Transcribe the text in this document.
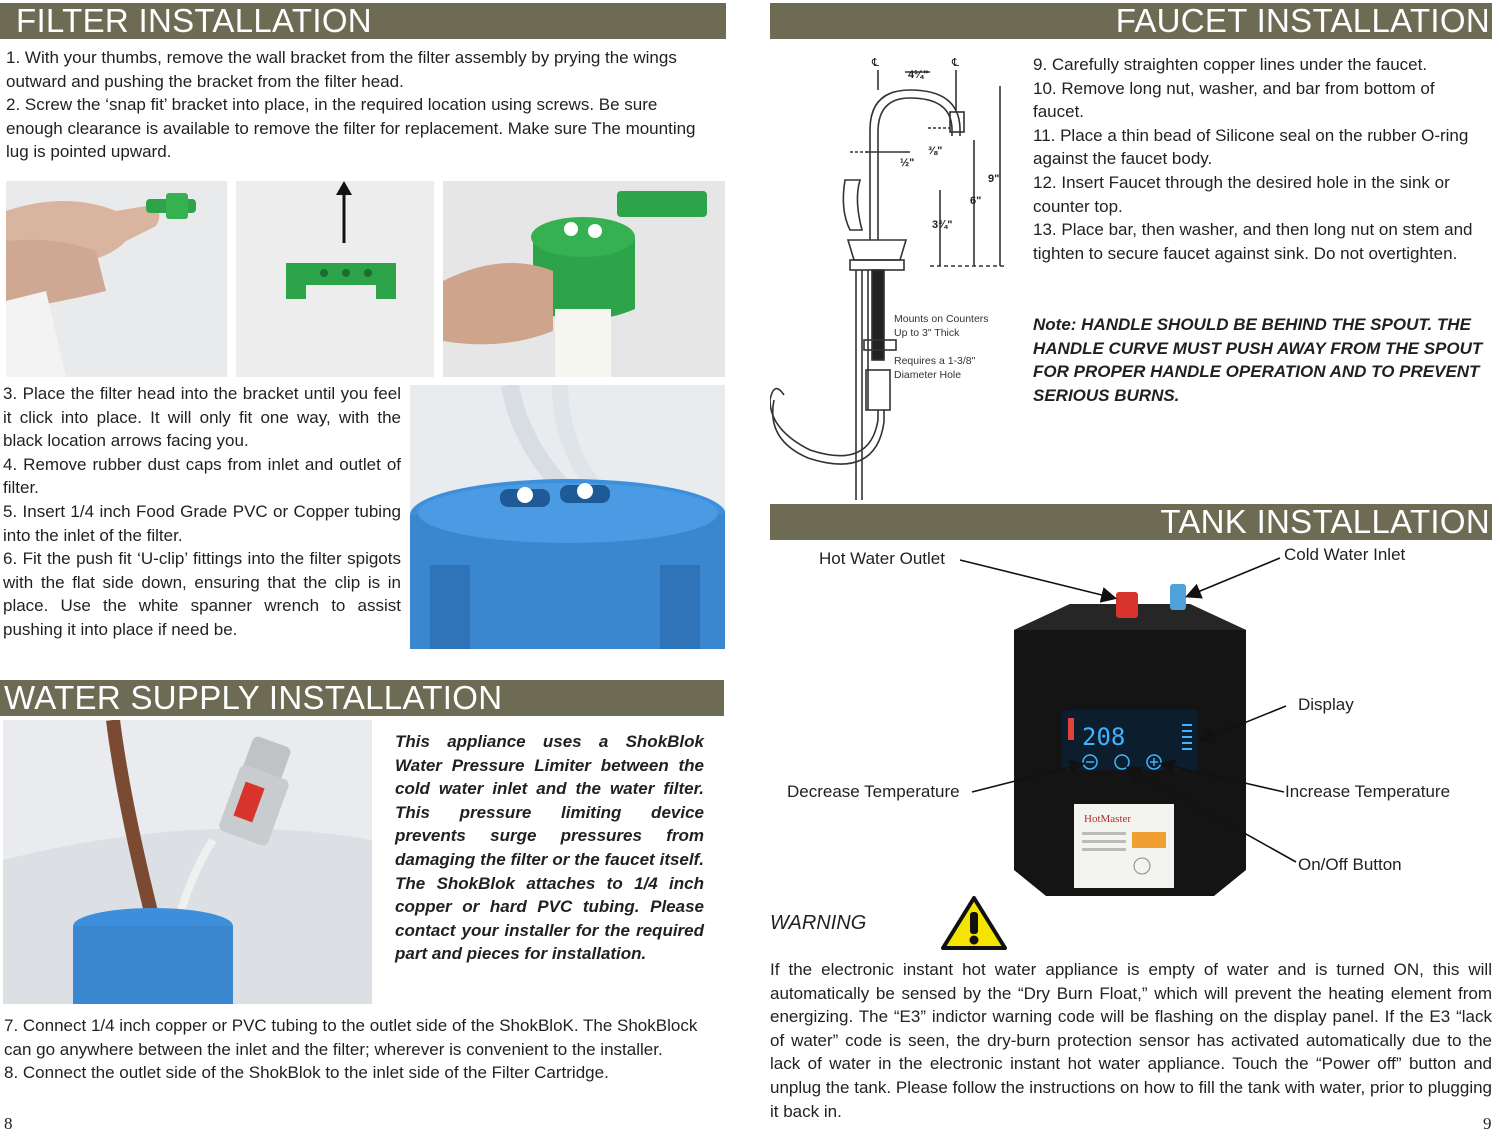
FILTER INSTALLATION

1. With your thumbs, remove the wall bracket from the filter assembly by prying the wings outward and pushing the bracket from the filter head.

2. Screw the ‘snap fit’ bracket into place, in the required location using screws. Be sure enough clearance is available to remove the filter for replacement. Make sure The mounting lug is pointed upward.

3. Place the filter head into the bracket until you feel it click into place. It will only fit one way, with the black location arrows facing you.

4. Remove rubber dust caps from inlet and outlet of filter.

5. Insert 1/4 inch Food Grade PVC or Copper tubing into the inlet of the filter.

6. Fit the push fit ‘U-clip’ fittings into the filter spigots with the flat side down, ensuring that the clip is in place. Use the white spanner wrench to assist pushing it into place if need be.

WATER SUPPLY INSTALLATION
This appliance uses a ShokBlok Water Pressure Limiter between the cold water inlet and the water filter. This pressure limiting device prevents surge pressures from damaging the filter or the faucet itself. The ShokBlok attaches to 1/4 inch copper or hard PVC tubing. Please contact your installer for the required part and pieces for installation.

7. Connect 1/4 inch copper or PVC tubing to the outlet side of the ShokBloK. The ShokBlock can go anywhere between the inlet and the filter; wherever is convenient to the installer.

8. Connect the outlet side of the ShokBlok to the inlet side of the Filter Cartridge.

8
FAUCET INSTALLATION
℄	℄
4¼"
⅜"
½"
9"
6"
3¾"
Mounts on Counters Up to 3" Thick
Requires a 1-3/8" Diameter Hole

9. Carefully straighten copper lines under the faucet.

10. Remove long nut, washer, and bar from bottom of faucet.

11. Place a thin bead of Silicone seal on the rubber O-ring against the faucet body.

12. Insert Faucet through the desired hole in the sink or counter top.

13. Place bar, then washer, and then long nut on stem and tighten to secure faucet against sink. Do not overtighten.

Note: HANDLE SHOULD BE BEHIND THE SPOUT. THE HANDLE CURVE MUST PUSH AWAY FROM THE SPOUT FOR PROPER HANDLE OPERATION AND TO PREVENT SERIOUS BURNS.
TANK INSTALLATION
208
HotMaster
Hot Water Outlet	Cold Water Inlet
Display
Decrease Temperature	Increase Temperature
On/Off Button
WARNING
If the electronic instant hot water appliance is empty of water and is turned ON, this will automatically be sensed by the “Dry Burn Float,” which will prevent the heating element from energizing. The “E3” indictor warning code will be flashing on the display panel. If the E3 “lack of water” code is seen, the dry-burn protection sensor has activated automatically due to the lack of water in the electronic instant hot water appliance. Touch the “Power off” button and unplug the tank. Please follow the instructions on how to fill the tank with water, prior to plugging it back in.
9
